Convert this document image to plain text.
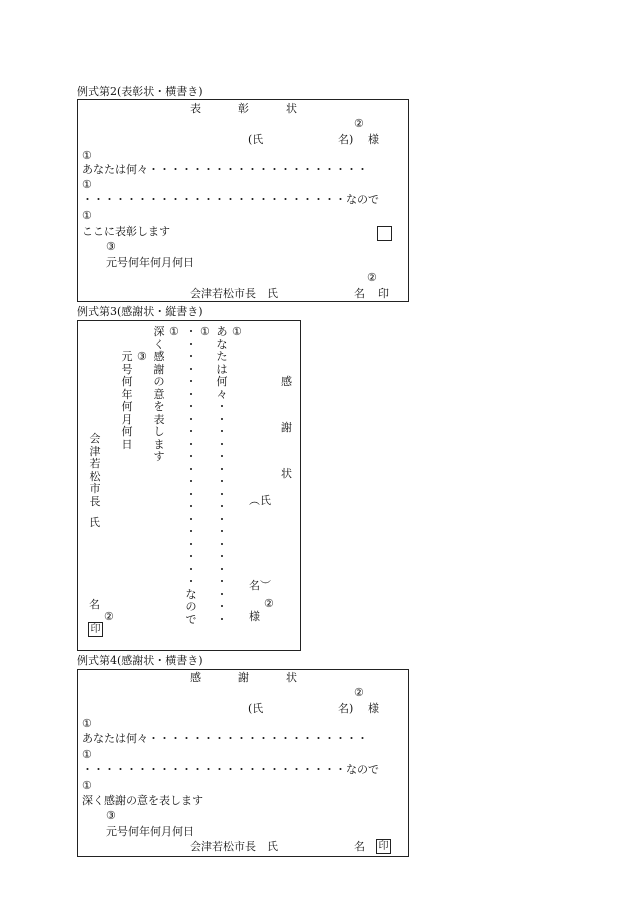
例式第2(表彰状・横書き)
表	彰	状
②
(氏	名) 様
①
あなたは何々・・・・・・・・・・・・・・・・・・・・
①
・・・・・・・・・・・・・・・・・・・・・・・・なので
①
ここに表彰します
③
元号何年何月何日
②
会津若松市長　氏	名 印
例式第3(感謝状・縦書き)
感
謝
状
︵氏
名︶
②
様
①
あ
な
た
は
何
々
・
・
・
・
・
・
・
・
・
・
・
・
・
・
・
・
・
・
①
・
・
・
・
・
・
・
・
・
・
・
・
・
・
・
・
・
・
・
・
・
な
の
で
①
深
く
感
謝
の
意
を
表
し
ま
す
③
元
号
何
年
何
月
何
日
会
津
若
松
市
長
氏
名
②
印
例式第4(感謝状・横書き)
感	謝	状
②
(氏	名) 様
①
あなたは何々・・・・・・・・・・・・・・・・・・・・
①
・・・・・・・・・・・・・・・・・・・・・・・・なので
①
深く感謝の意を表します
③
元号何年何月何日
会津若松市長　氏	名 印
